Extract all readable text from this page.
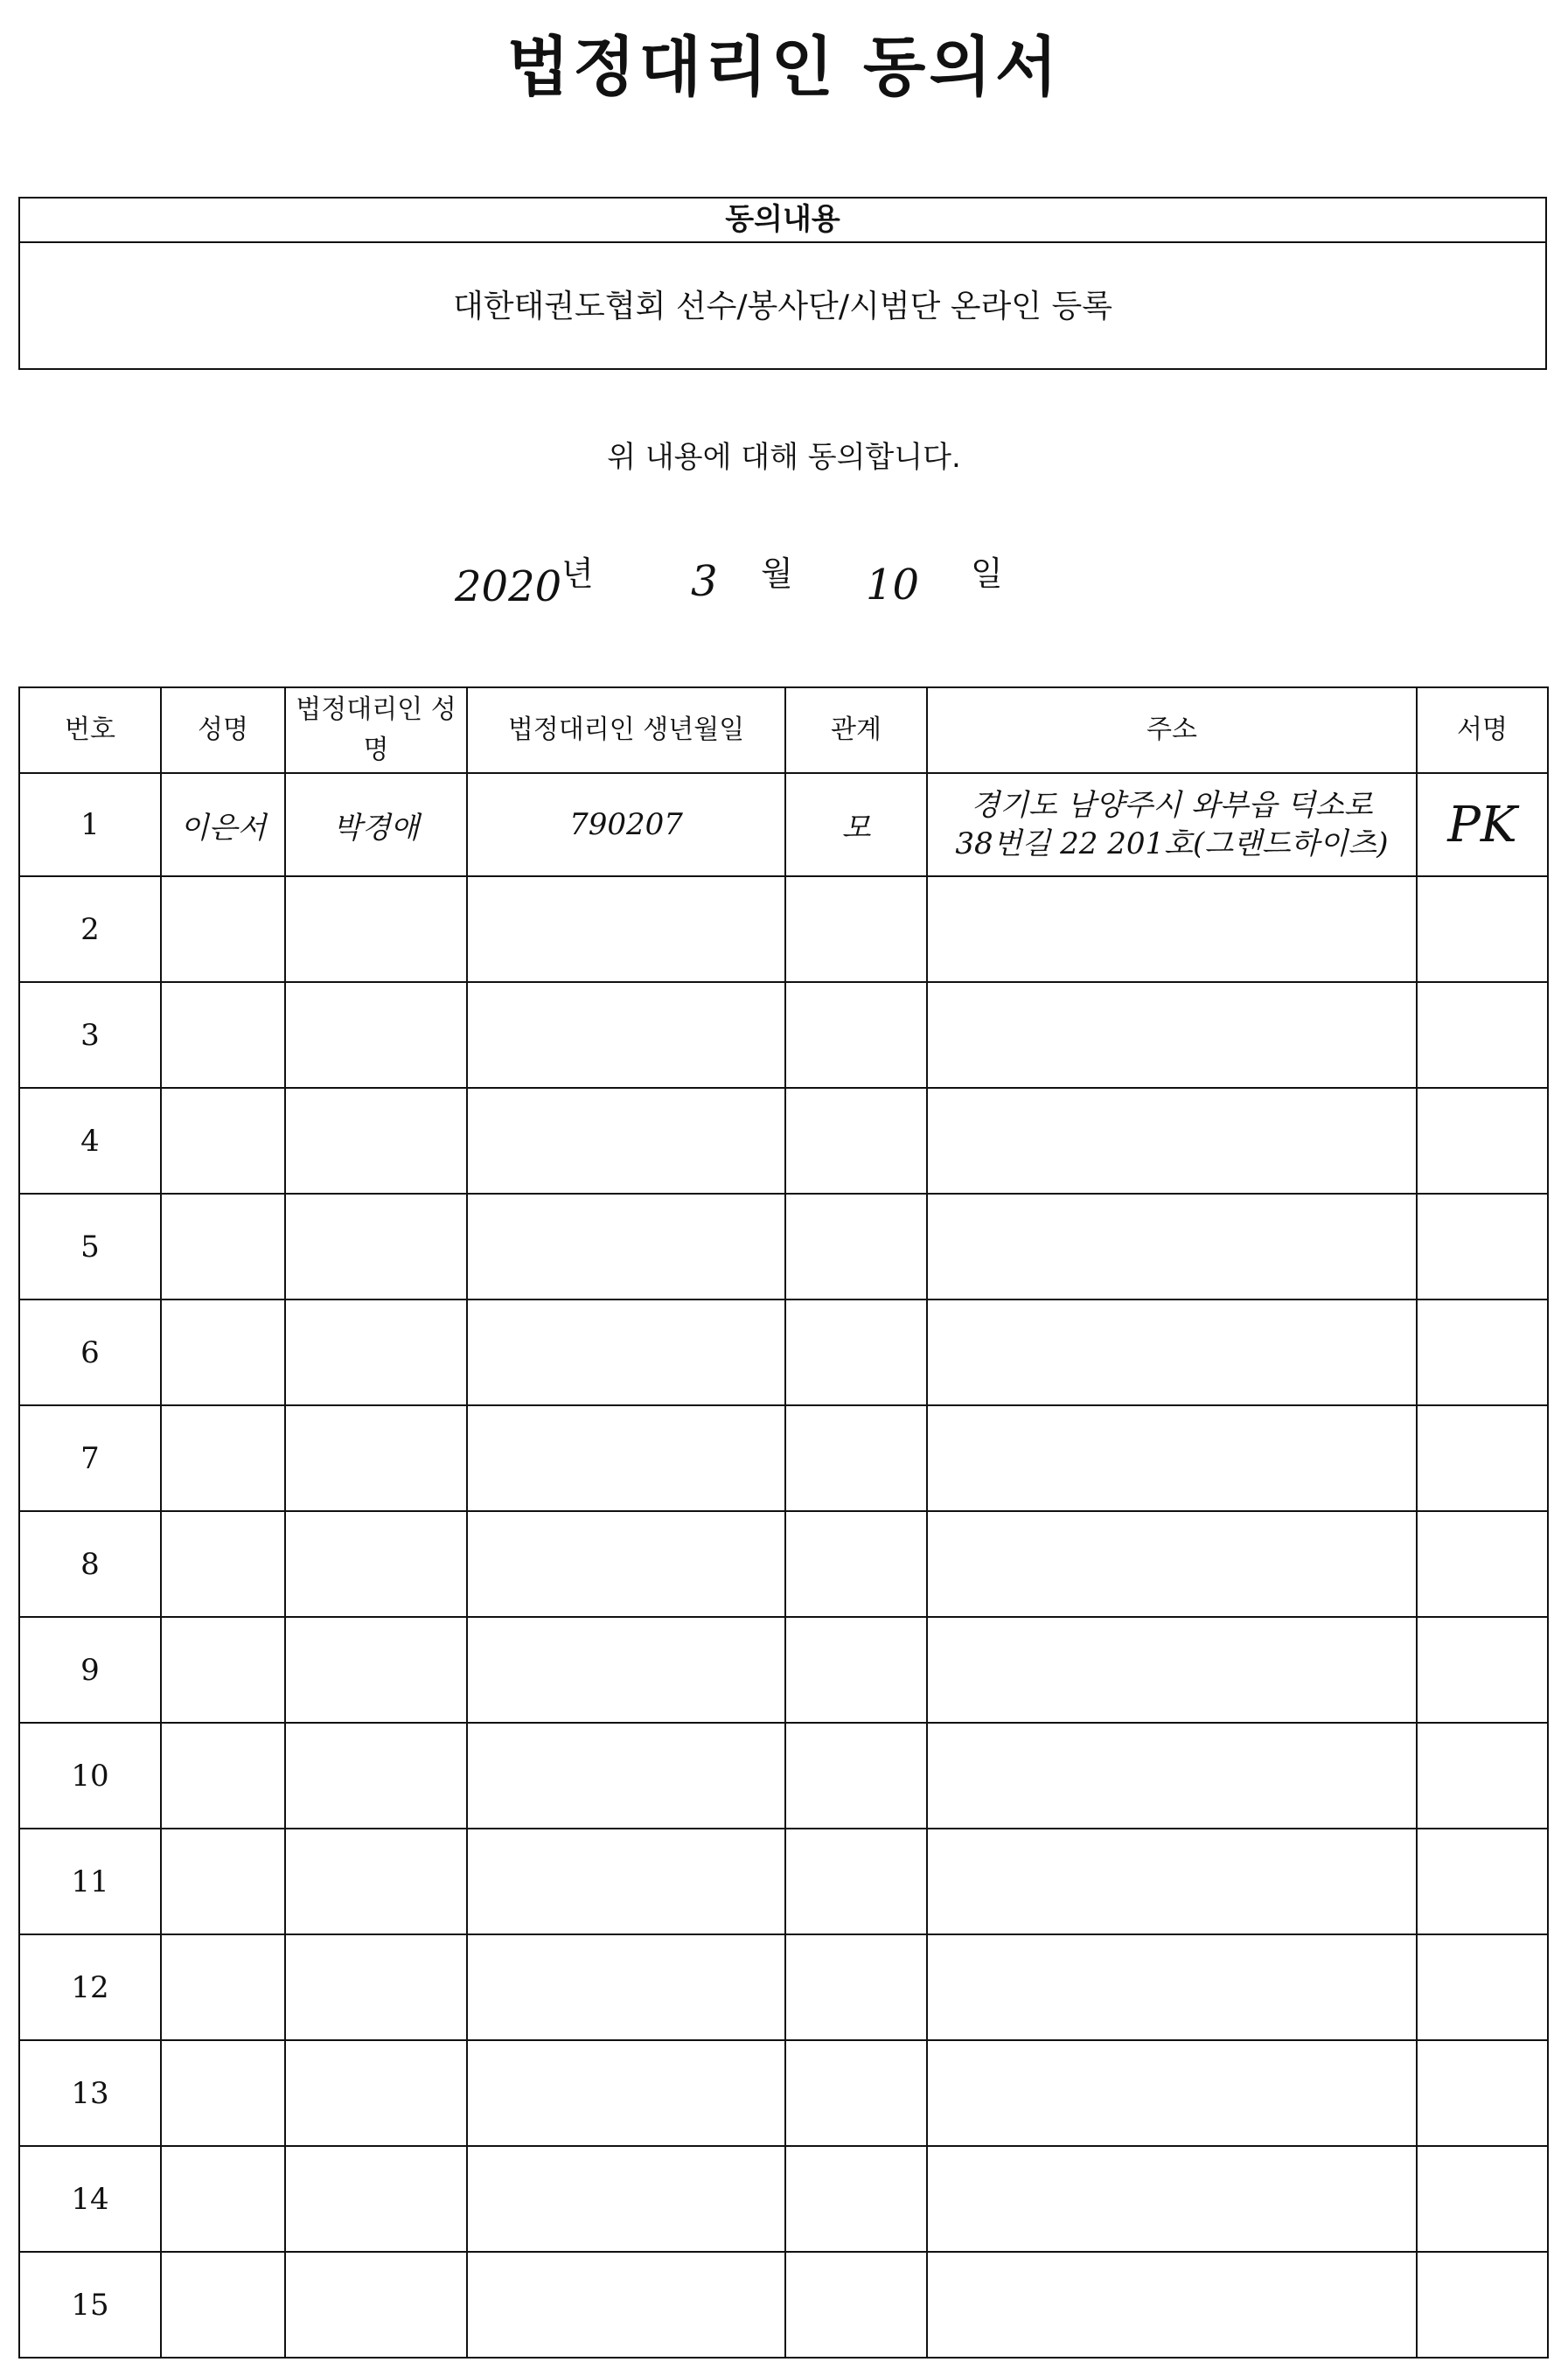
법정대리인 동의서
동의내용
대한태권도협회 선수/봉사단/시범단 온라인 등록
위 내용에 대해 동의합니다.
2020 년 3 월 10 일
번호	성명	법정대리인 성명	법정대리인 생년월일	관계	주소	서명
1	이은서	박경애	790207	모	경기도 남양주시 와부읍 덕소로
38번길 22 201호(그랜드하이츠)	PK
2						
3						
4						
5						
6						
7						
8						
9						
10						
11						
12						
13						
14						
15						
